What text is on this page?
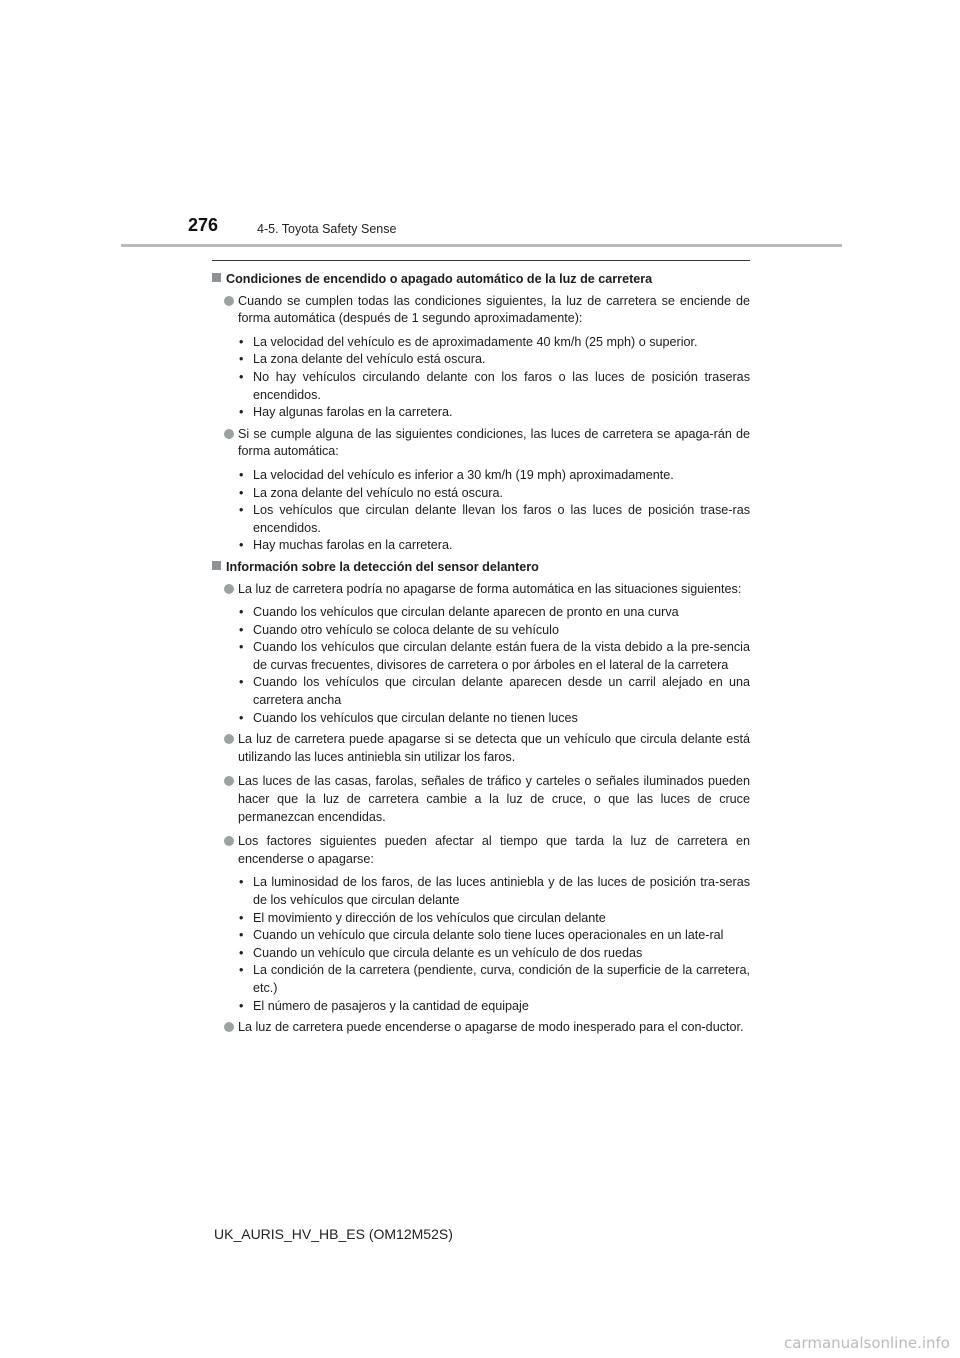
276	4-5. Toyota Safety Sense
Condiciones de encendido o apagado automático de la luz de carretera
Cuando se cumplen todas las condiciones siguientes, la luz de carretera se enciende de forma automática (después de 1 segundo aproximadamente):
• La velocidad del vehículo es de aproximadamente 40 km/h (25 mph) o superior.
• La zona delante del vehículo está oscura.
• No hay vehículos circulando delante con los faros o las luces de posición traseras encendidos.
• Hay algunas farolas en la carretera.
Si se cumple alguna de las siguientes condiciones, las luces de carretera se apaga-rán de forma automática:
• La velocidad del vehículo es inferior a 30 km/h (19 mph) aproximadamente.
• La zona delante del vehículo no está oscura.
• Los vehículos que circulan delante llevan los faros o las luces de posición trase-ras encendidos.
• Hay muchas farolas en la carretera.
Información sobre la detección del sensor delantero
La luz de carretera podría no apagarse de forma automática en las situaciones siguientes:
• Cuando los vehículos que circulan delante aparecen de pronto en una curva
• Cuando otro vehículo se coloca delante de su vehículo
• Cuando los vehículos que circulan delante están fuera de la vista debido a la pre-sencia de curvas frecuentes, divisores de carretera o por árboles en el lateral de la carretera
• Cuando los vehículos que circulan delante aparecen desde un carril alejado en una carretera ancha
• Cuando los vehículos que circulan delante no tienen luces
La luz de carretera puede apagarse si se detecta que un vehículo que circula delante está utilizando las luces antiniebla sin utilizar los faros.
Las luces de las casas, farolas, señales de tráfico y carteles o señales iluminados pueden hacer que la luz de carretera cambie a la luz de cruce, o que las luces de cruce permanezcan encendidas.
Los factores siguientes pueden afectar al tiempo que tarda la luz de carretera en encenderse o apagarse:
• La luminosidad de los faros, de las luces antiniebla y de las luces de posición tra-seras de los vehículos que circulan delante
• El movimiento y dirección de los vehículos que circulan delante
• Cuando un vehículo que circula delante solo tiene luces operacionales en un late-ral
• Cuando un vehículo que circula delante es un vehículo de dos ruedas
• La condición de la carretera (pendiente, curva, condición de la superficie de la carretera, etc.)
• El número de pasajeros y la cantidad de equipaje
La luz de carretera puede encenderse o apagarse de modo inesperado para el con-ductor.
UK_AURIS_HV_HB_ES (OM12M52S)
carmanualsonline.info
